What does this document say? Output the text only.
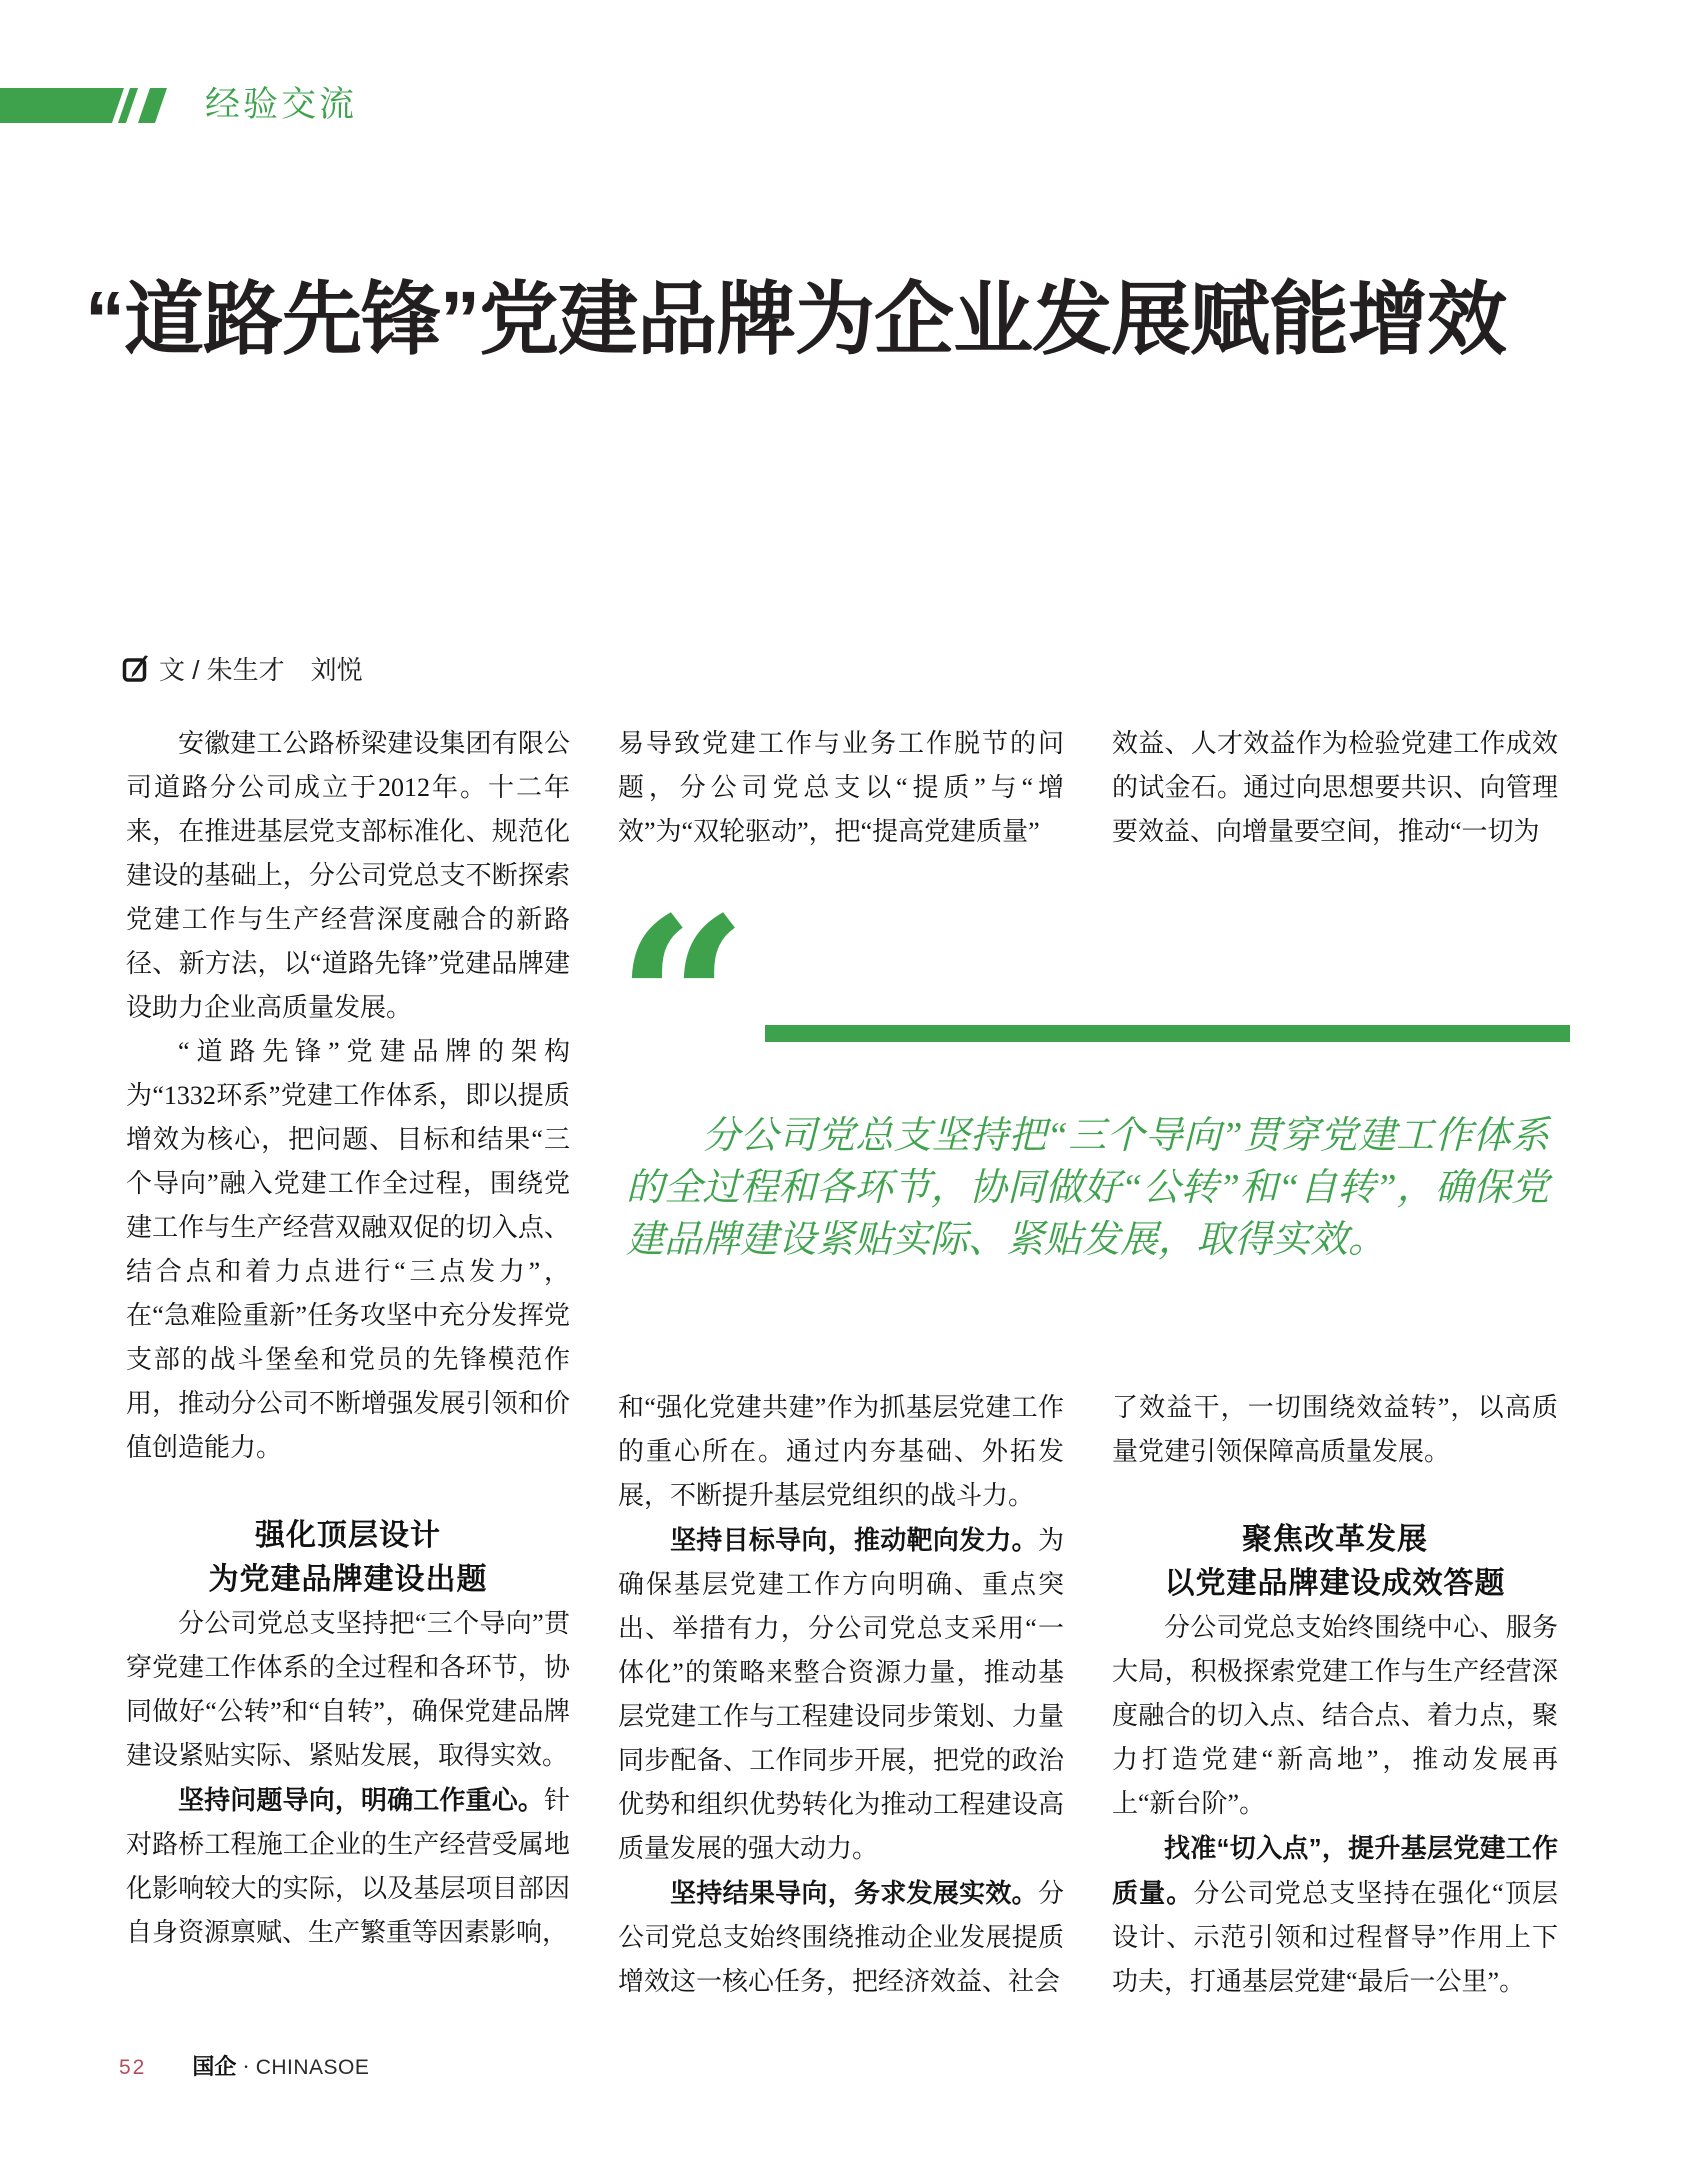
经验交流
“道路先锋”党建品牌为企业发展赋能增效
文 / 朱生才　刘悦

安徽建工公路桥梁建设集团有限公司道路分公司成立于2012年。十二年来，在推进基层党支部标准化、规范化建设的基础上，分公司党总支不断探索党建工作与生产经营深度融合的新路径、新方法，以“道路先锋”党建品牌建设助力企业高质量发展。

“道路先锋”党建品牌的架构为“1332环系”党建工作体系，即以提质增效为核心，把问题、目标和结果“三个导向”融入党建工作全过程，围绕党建工作与生产经营双融双促的切入点、结合点和着力点进行“三点发力”，在“急难险重新”任务攻坚中充分发挥党支部的战斗堡垒和党员的先锋模范作用，推动分公司不断增强发展引领和价值创造能力。

强化顶层设计
为党建品牌建设出题

分公司党总支坚持把“三个导向”贯穿党建工作体系的全过程和各环节，协同做好“公转”和“自转”，确保党建品牌建设紧贴实际、紧贴发展，取得实效。

坚持问题导向，明确工作重心。针对路桥工程施工企业的生产经营受属地化影响较大的实际，以及基层项目部因自身资源禀赋、生产繁重等因素影响，

易导致党建工作与业务工作脱节的问题，分公司党总支以“提质”与“增效”为“双轮驱动”，把“提高党建质量”

效益、人才效益作为检验党建工作成效的试金石。通过向思想要共识、向管理要效益、向增量要空间，推动“一切为

“
分公司党总支坚持把“三个导向”贯穿党建工作体系的全过程和各环节，协同做好“公转”和“自转”，确保党建品牌建设紧贴实际、紧贴发展，取得实效。

和“强化党建共建”作为抓基层党建工作的重心所在。通过内夯基础、外拓发展，不断提升基层党组织的战斗力。

坚持目标导向，推动靶向发力。为确保基层党建工作方向明确、重点突出、举措有力，分公司党总支采用“一体化”的策略来整合资源力量，推动基层党建工作与工程建设同步策划、力量同步配备、工作同步开展，把党的政治优势和组织优势转化为推动工程建设高质量发展的强大动力。

坚持结果导向，务求发展实效。分公司党总支始终围绕推动企业发展提质增效这一核心任务，把经济效益、社会

了效益干，一切围绕效益转”，以高质量党建引领保障高质量发展。

聚焦改革发展
以党建品牌建设成效答题

分公司党总支始终围绕中心、服务大局，积极探索党建工作与生产经营深度融合的切入点、结合点、着力点，聚力打造党建“新高地”，推动发展再上“新台阶”。

找准“切入点”，提升基层党建工作质量。分公司党总支坚持在强化“顶层设计、示范引领和过程督导”作用上下功夫，打通基层党建“最后一公里”。

52 国企 · CHINASOE
